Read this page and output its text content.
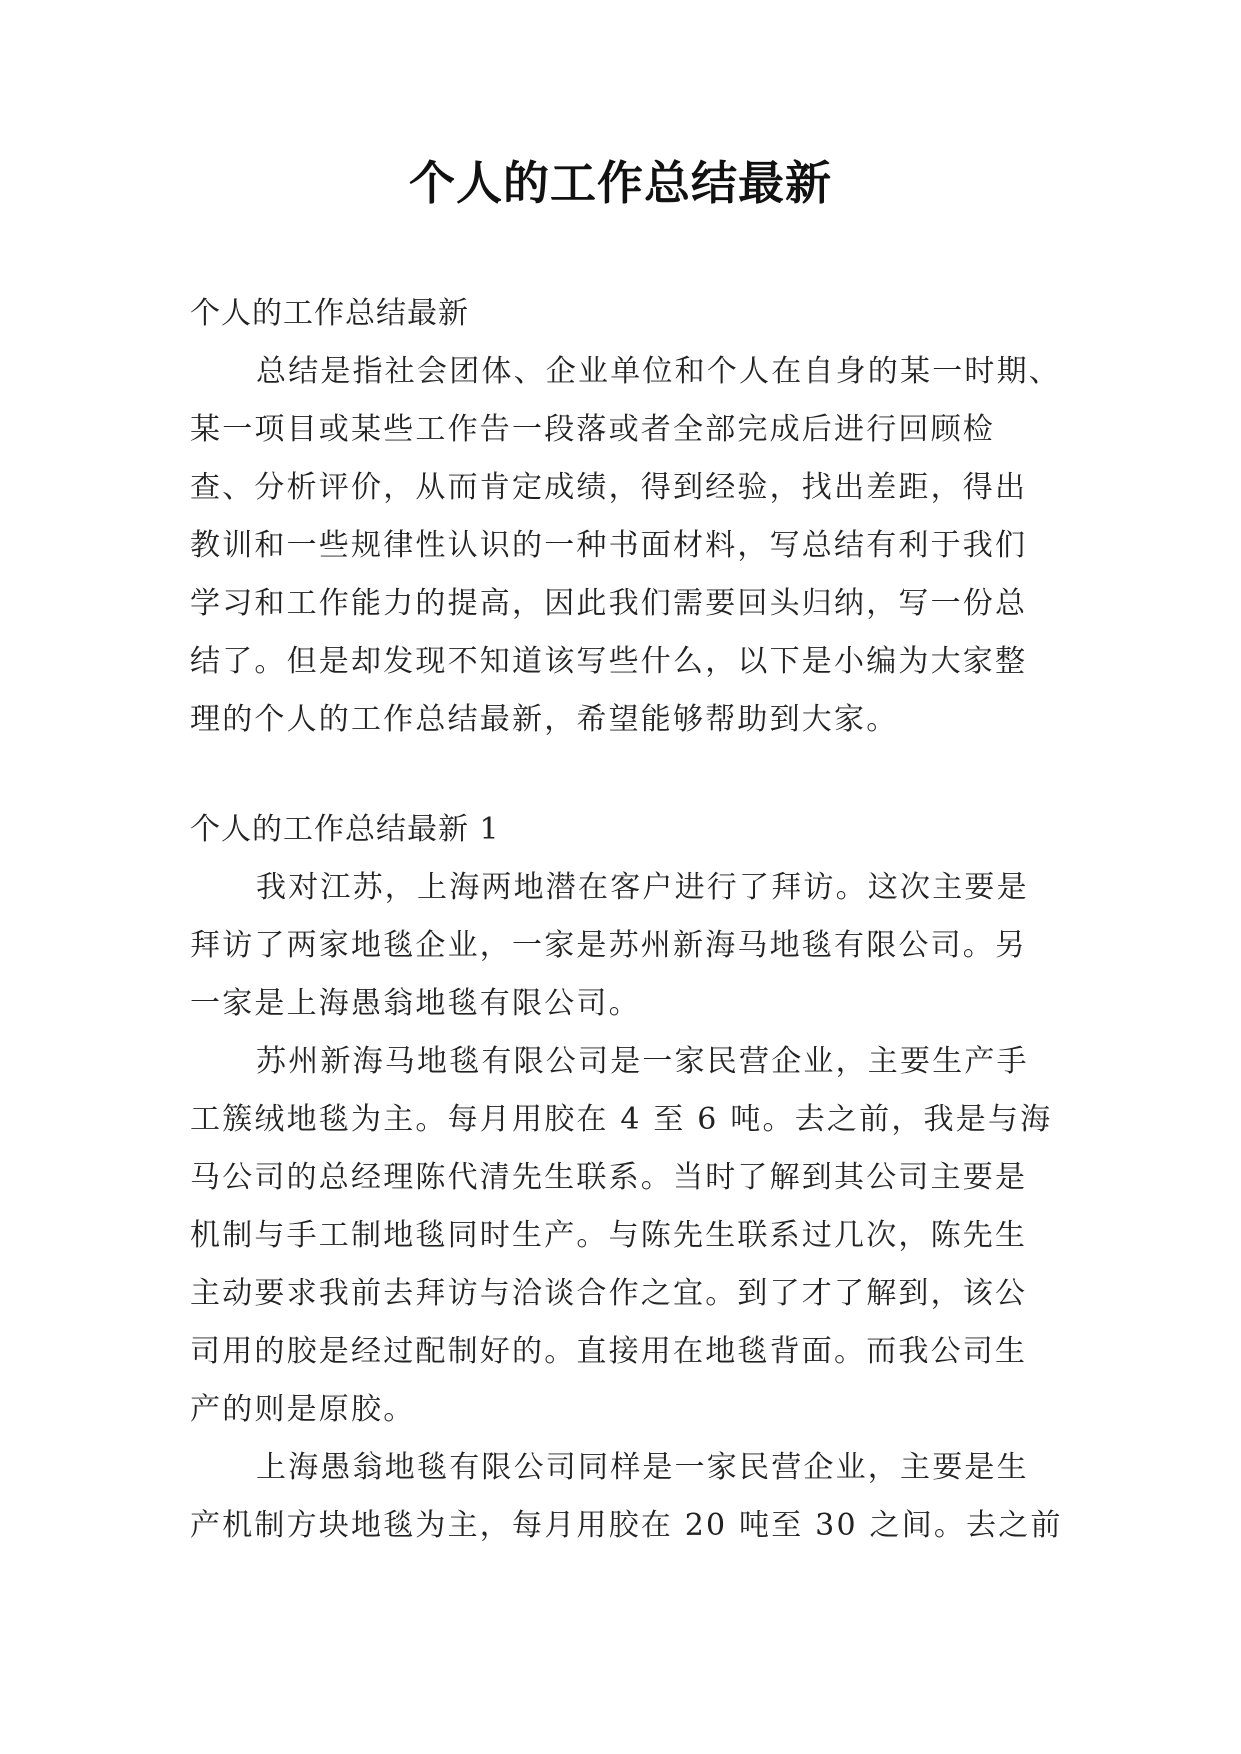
个人的工作总结最新
个人的工作总结最新
总结是指社会团体、企业单位和个人在自身的某一时期、
某一项目或某些工作告一段落或者全部完成后进行回顾检
查、分析评价，从而肯定成绩，得到经验，找出差距，得出
教训和一些规律性认识的一种书面材料，写总结有利于我们
学习和工作能力的提高，因此我们需要回头归纳，写一份总
结了。但是却发现不知道该写些什么，以下是小编为大家整
理的个人的工作总结最新，希望能够帮助到大家。
个人的工作总结最新 1
我对江苏，上海两地潜在客户进行了拜访。这次主要是
拜访了两家地毯企业，一家是苏州新海马地毯有限公司。另
一家是上海愚翁地毯有限公司。
苏州新海马地毯有限公司是一家民营企业，主要生产手
工簇绒地毯为主。每月用胶在 4 至 6 吨。去之前，我是与海
马公司的总经理陈代清先生联系。当时了解到其公司主要是
机制与手工制地毯同时生产。与陈先生联系过几次，陈先生
主动要求我前去拜访与洽谈合作之宜。到了才了解到，该公
司用的胶是经过配制好的。直接用在地毯背面。而我公司生
产的则是原胶。
上海愚翁地毯有限公司同样是一家民营企业，主要是生
产机制方块地毯为主，每月用胶在 20 吨至 30 之间。去之前
